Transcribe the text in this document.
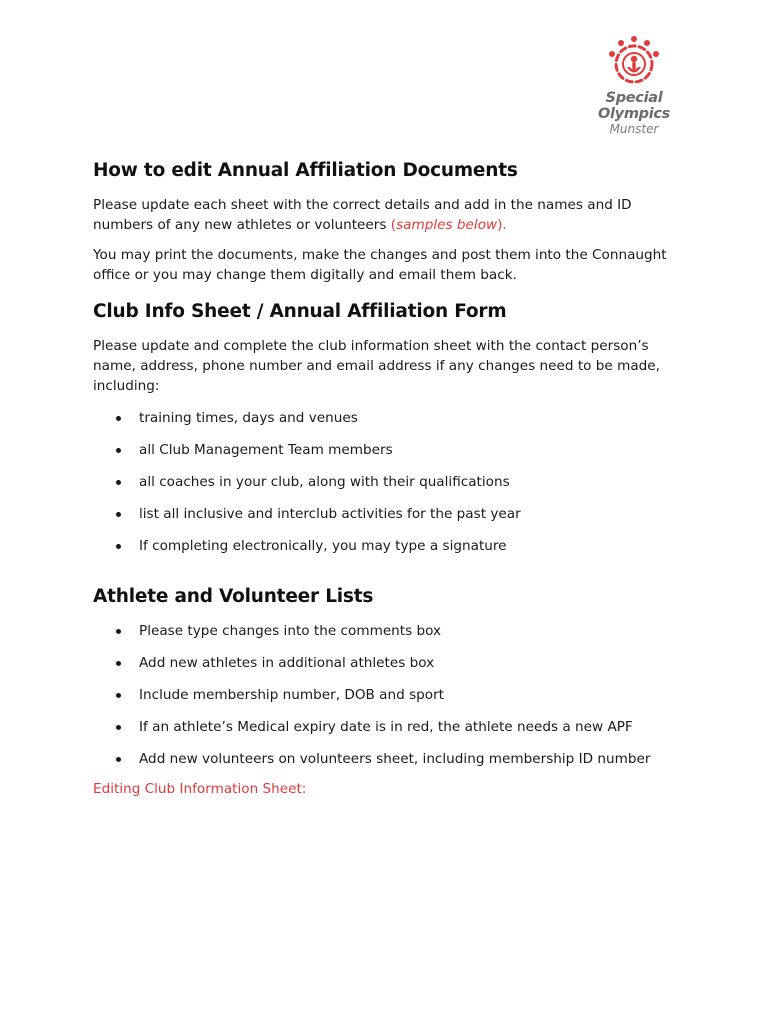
Special
Olympics
Munster
How to edit Annual Affiliation Documents

Please update each sheet with the correct details and add in the names and ID numbers of any new athletes or volunteers (samples below).

You may print the documents, make the changes and post them into the Connaught office or you may change them digitally and email them back.

Club Info Sheet / Annual Affiliation Form

Please update and complete the club information sheet with the contact person’s name, address, phone number and email address if any changes need to be made, including:

training times, days and venues
all Club Management Team members
all coaches in your club, along with their qualifications
list all inclusive and interclub activities for the past year
If completing electronically, you may type a signature
Athlete and Volunteer Lists
Please type changes into the comments box
Add new athletes in additional athletes box
Include membership number, DOB and sport
If an athlete’s Medical expiry date is in red, the athlete needs a new APF
Add new volunteers on volunteers sheet, including membership ID number
Editing Club Information Sheet:
